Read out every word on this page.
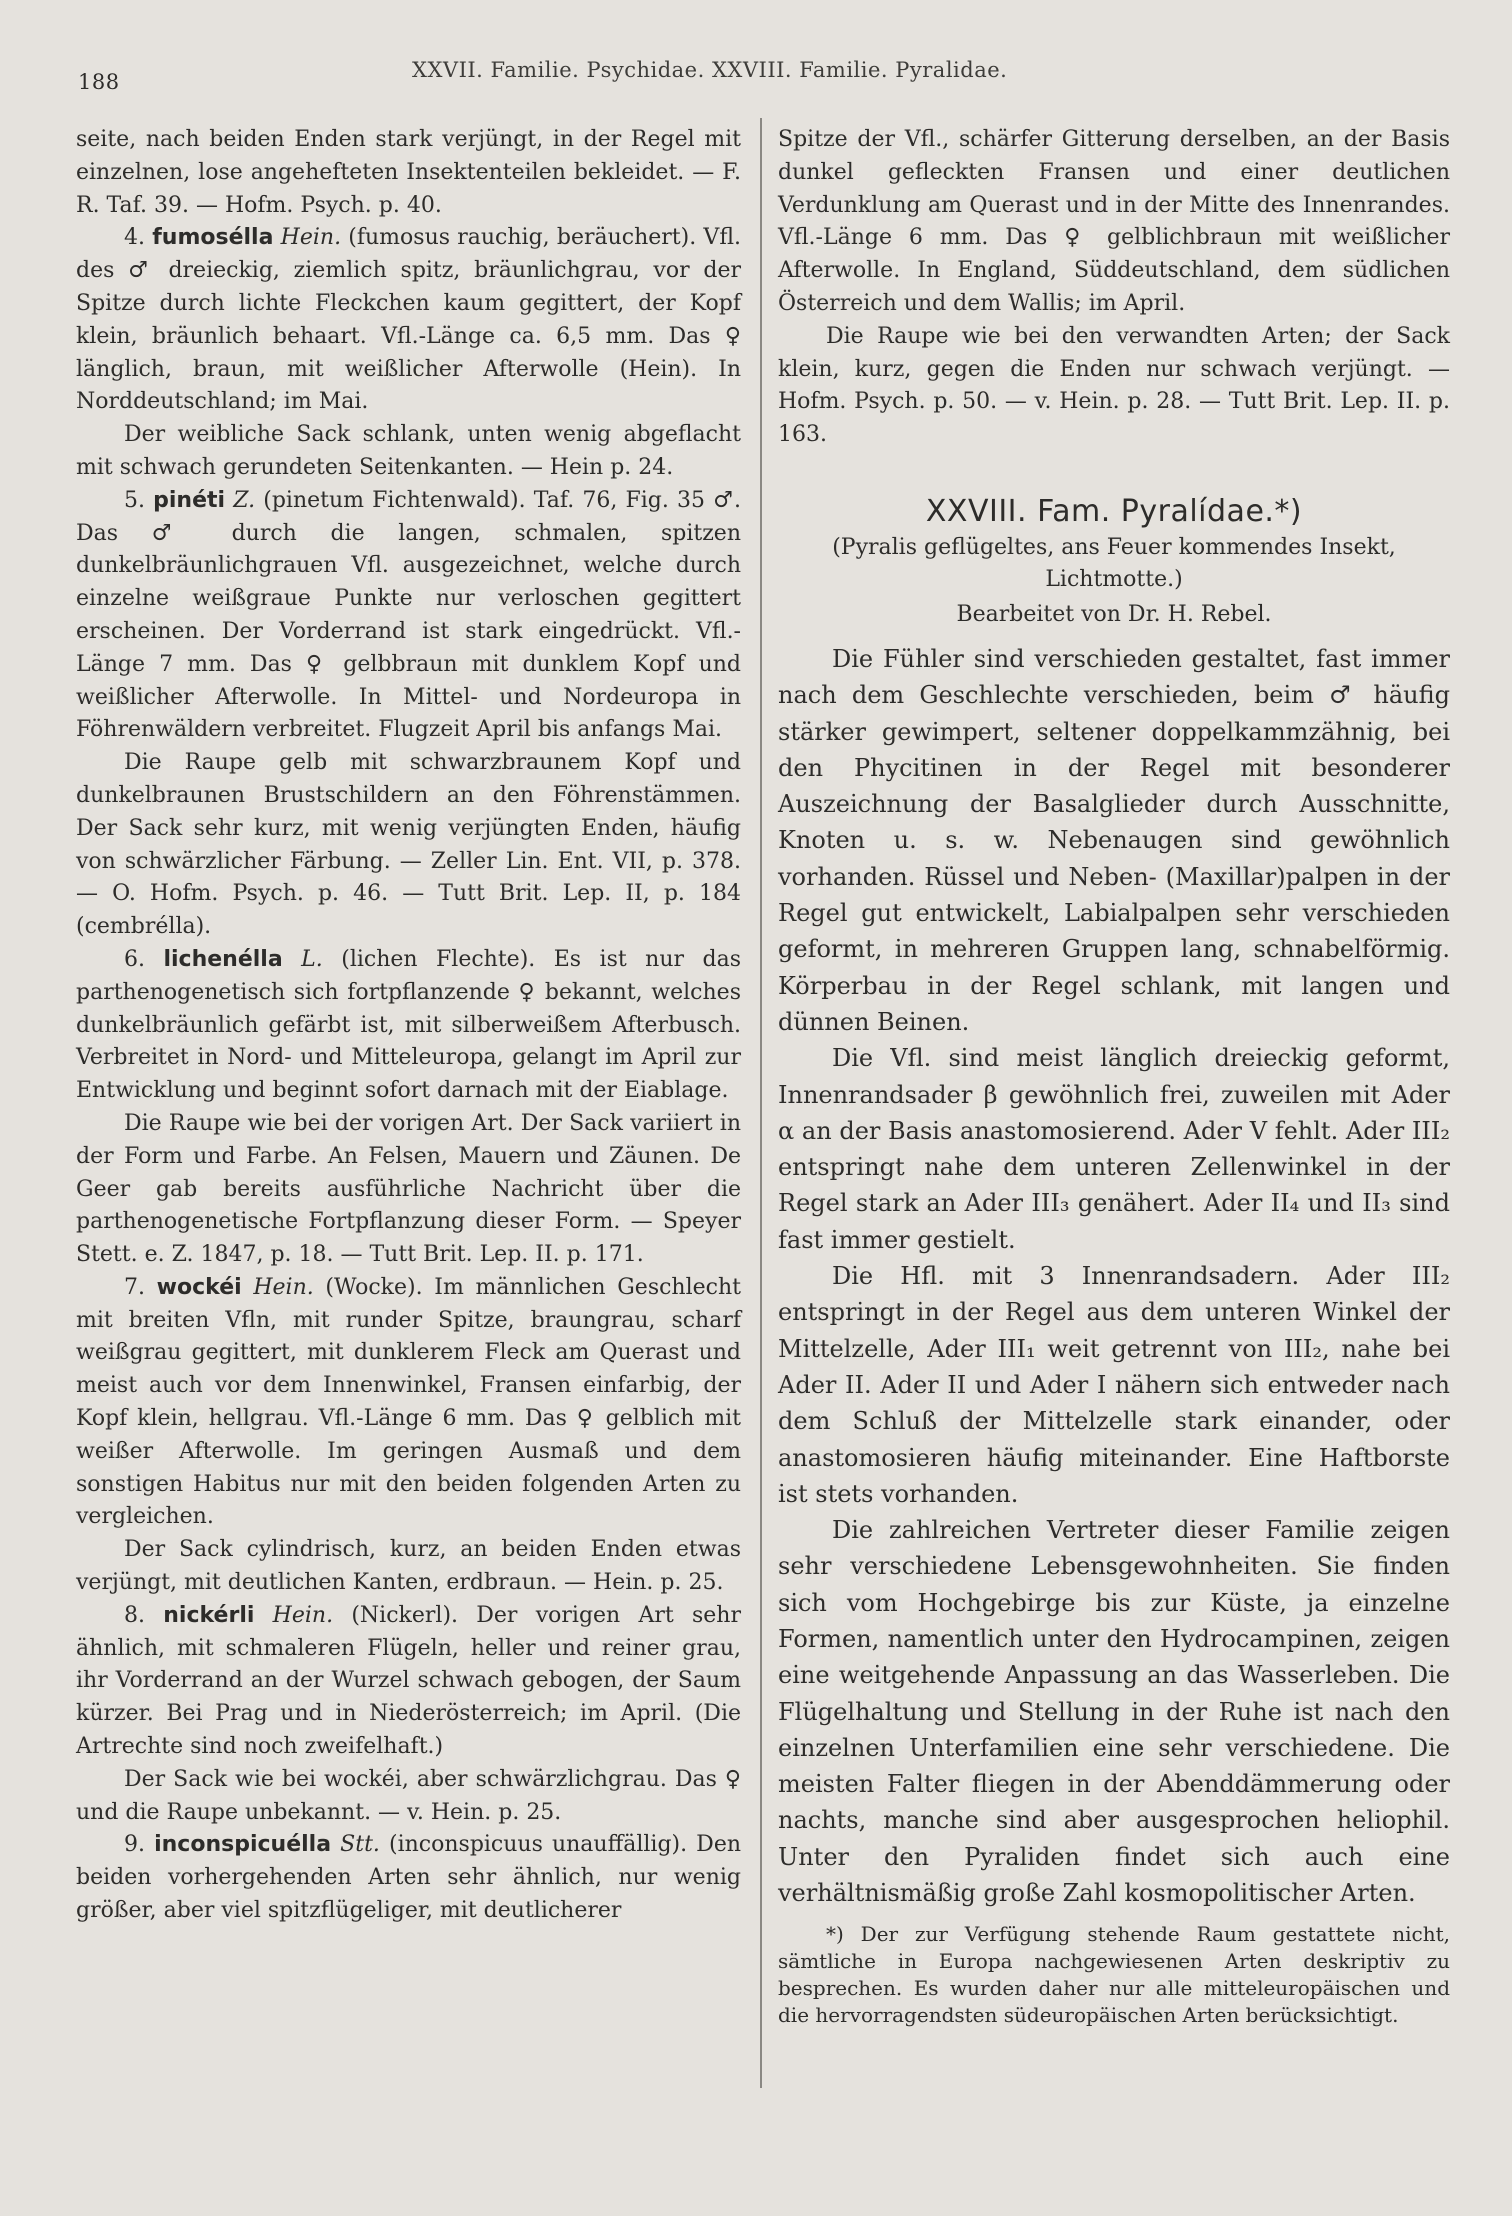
188	XXVII. Familie. Psychidae. XXVIII. Familie. Pyralidae.

seite, nach beiden Enden stark verjüngt, in der Regel mit einzelnen, lose angehefteten Insektenteilen bekleidet. — F. R. Taf. 39. — Hofm. Psych. p. 40.

4. fumosélla Hein. (fumosus rauchig, beräuchert). Vfl. des ♂ dreieckig, ziemlich spitz, bräunlichgrau, vor der Spitze durch lichte Fleckchen kaum gegittert, der Kopf klein, bräunlich behaart. Vfl.-Länge ca. 6,5 mm. Das ♀ länglich, braun, mit weißlicher Afterwolle (Hein). In Norddeutschland; im Mai.

Der weibliche Sack schlank, unten wenig abgeflacht mit schwach gerundeten Seitenkanten. — Hein p. 24.

5. pinéti Z. (pinetum Fichtenwald). Taf. 76, Fig. 35 ♂. Das ♂ durch die langen, schmalen, spitzen dunkelbräunlichgrauen Vfl. ausgezeichnet, welche durch einzelne weißgraue Punkte nur verloschen gegittert erscheinen. Der Vorderrand ist stark eingedrückt. Vfl.-Länge 7 mm. Das ♀ gelbbraun mit dunklem Kopf und weißlicher Afterwolle. In Mittel- und Nordeuropa in Föhrenwäldern verbreitet. Flugzeit April bis anfangs Mai.

Die Raupe gelb mit schwarzbraunem Kopf und dunkelbraunen Brustschildern an den Föhrenstämmen. Der Sack sehr kurz, mit wenig verjüngten Enden, häufig von schwärzlicher Färbung. — Zeller Lin. Ent. VII, p. 378. — O. Hofm. Psych. p. 46. — Tutt Brit. Lep. II, p. 184 (cembrélla).

6. lichenélla L. (lichen Flechte). Es ist nur das parthenogenetisch sich fortpflanzende ♀ bekannt, welches dunkelbräunlich gefärbt ist, mit silberweißem Afterbusch. Verbreitet in Nord- und Mitteleuropa, gelangt im April zur Entwicklung und beginnt sofort darnach mit der Eiablage.

Die Raupe wie bei der vorigen Art. Der Sack variiert in der Form und Farbe. An Felsen, Mauern und Zäunen. De Geer gab bereits ausführliche Nachricht über die parthenogenetische Fortpflanzung dieser Form. — Speyer Stett. e. Z. 1847, p. 18. — Tutt Brit. Lep. II. p. 171.

7. wockéi Hein. (Wocke). Im männlichen Geschlecht mit breiten Vfln, mit runder Spitze, braungrau, scharf weißgrau gegittert, mit dunklerem Fleck am Querast und meist auch vor dem Innenwinkel, Fransen einfarbig, der Kopf klein, hellgrau. Vfl.-Länge 6 mm. Das ♀ gelblich mit weißer Afterwolle. Im geringen Ausmaß und dem sonstigen Habitus nur mit den beiden folgenden Arten zu vergleichen.

Der Sack cylindrisch, kurz, an beiden Enden etwas verjüngt, mit deutlichen Kanten, erdbraun. — Hein. p. 25.

8. nickérli Hein. (Nickerl). Der vorigen Art sehr ähnlich, mit schmaleren Flügeln, heller und reiner grau, ihr Vorderrand an der Wurzel schwach gebogen, der Saum kürzer. Bei Prag und in Niederösterreich; im April. (Die Artrechte sind noch zweifelhaft.)

Der Sack wie bei wockéi, aber schwärzlichgrau. Das ♀ und die Raupe unbekannt. — v. Hein. p. 25.

9. inconspicuélla Stt. (inconspicuus unauffällig). Den beiden vorhergehenden Arten sehr ähnlich, nur wenig größer, aber viel spitzflügeliger, mit deutlicherer

Spitze der Vfl., schärfer Gitterung derselben, an der Basis dunkel gefleckten Fransen und einer deutlichen Verdunklung am Querast und in der Mitte des Innenrandes. Vfl.-Länge 6 mm. Das ♀ gelblichbraun mit weißlicher Afterwolle. In England, Süddeutschland, dem südlichen Österreich und dem Wallis; im April.

Die Raupe wie bei den verwandten Arten; der Sack klein, kurz, gegen die Enden nur schwach verjüngt. — Hofm. Psych. p. 50. — v. Hein. p. 28. — Tutt Brit. Lep. II. p. 163.

XXVIII. Fam. Pyralídae.*)
(Pyralis geflügeltes, ans Feuer kommendes Insekt, Lichtmotte.)
Bearbeitet von Dr. H. Rebel.

Die Fühler sind verschieden gestaltet, fast immer nach dem Geschlechte verschieden, beim ♂ häufig stärker gewimpert, seltener doppelkammzähnig, bei den Phycitinen in der Regel mit besonderer Auszeichnung der Basalglieder durch Ausschnitte, Knoten u. s. w. Nebenaugen sind gewöhnlich vorhanden. Rüssel und Neben- (Maxillar)palpen in der Regel gut entwickelt, Labialpalpen sehr verschieden geformt, in mehreren Gruppen lang, schnabelförmig. Körperbau in der Regel schlank, mit langen und dünnen Beinen.

Die Vfl. sind meist länglich dreieckig geformt, Innenrandsader β gewöhnlich frei, zuweilen mit Ader α an der Basis anastomosierend. Ader V fehlt. Ader III₂ entspringt nahe dem unteren Zellenwinkel in der Regel stark an Ader III₃ genähert. Ader II₄ und II₃ sind fast immer gestielt.

Die Hfl. mit 3 Innenrandsadern. Ader III₂ entspringt in der Regel aus dem unteren Winkel der Mittelzelle, Ader III₁ weit getrennt von III₂, nahe bei Ader II. Ader II und Ader I nähern sich entweder nach dem Schluß der Mittelzelle stark einander, oder anastomosieren häufig miteinander. Eine Haftborste ist stets vorhanden.

Die zahlreichen Vertreter dieser Familie zeigen sehr verschiedene Lebensgewohnheiten. Sie finden sich vom Hochgebirge bis zur Küste, ja einzelne Formen, namentlich unter den Hydrocampinen, zeigen eine weitgehende Anpassung an das Wasserleben. Die Flügelhaltung und Stellung in der Ruhe ist nach den einzelnen Unterfamilien eine sehr verschiedene. Die meisten Falter fliegen in der Abenddämmerung oder nachts, manche sind aber ausgesprochen heliophil. Unter den Pyraliden findet sich auch eine verhältnismäßig große Zahl kosmopolitischer Arten.

*) Der zur Verfügung stehende Raum gestattete nicht, sämtliche in Europa nachgewiesenen Arten deskriptiv zu besprechen. Es wurden daher nur alle mitteleuropäischen und die hervorragendsten südeuropäischen Arten berücksichtigt.
